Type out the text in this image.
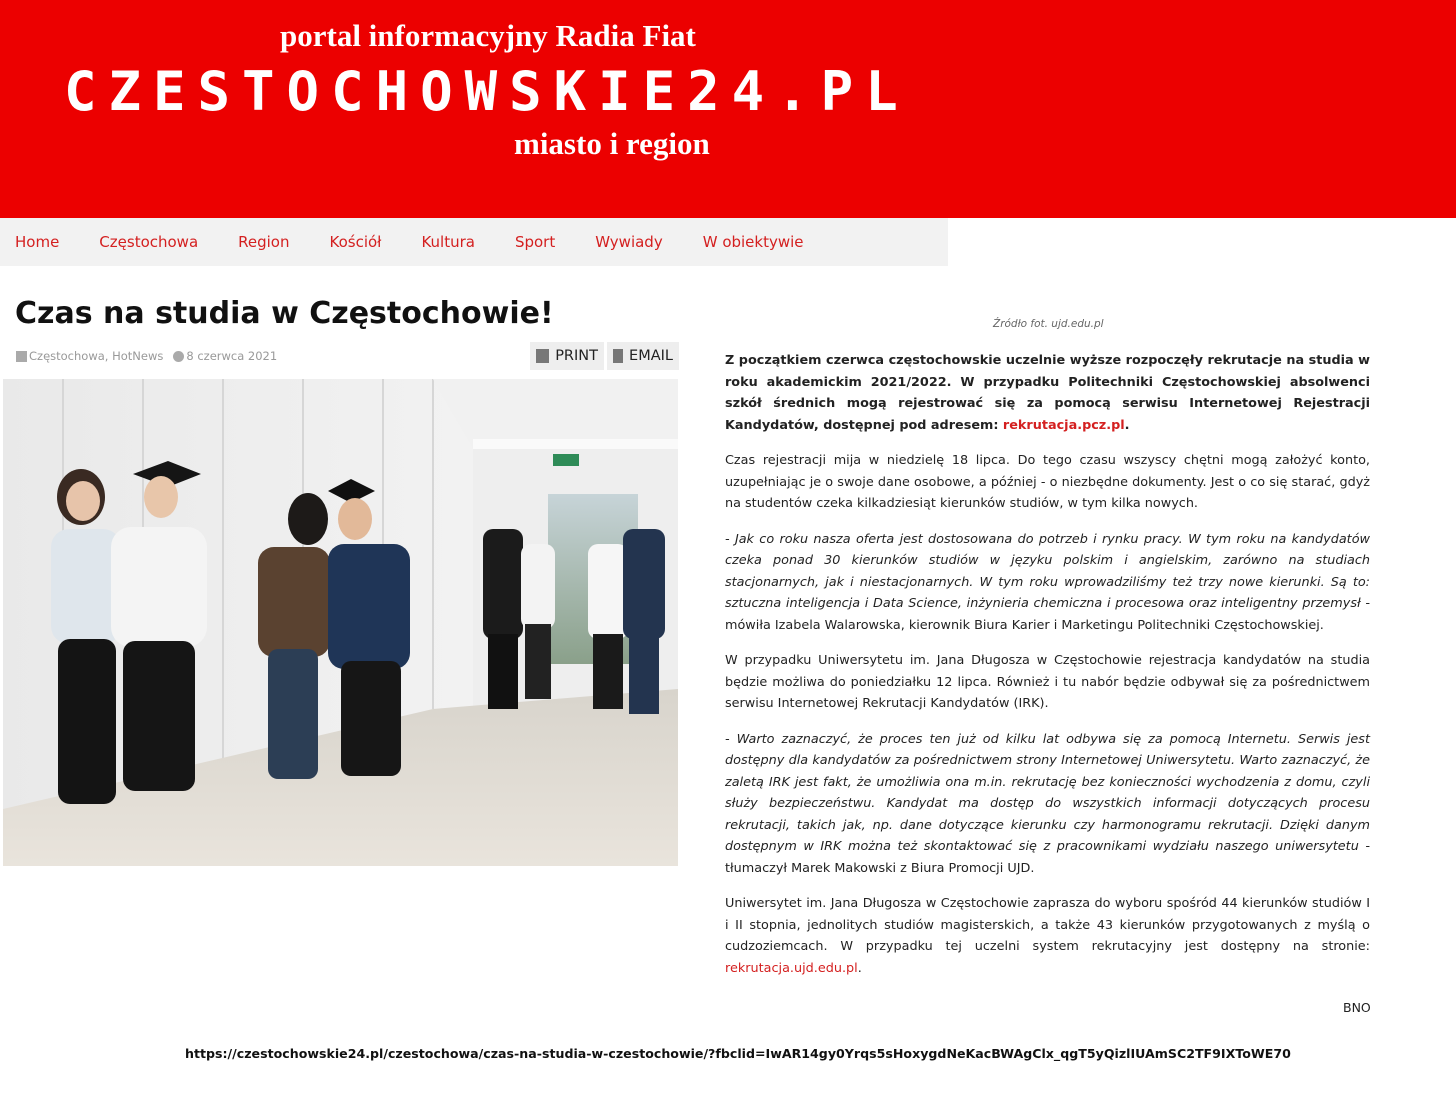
portal informacyjny Radia Fiat
CZESTOCHOWSKIE24.PL
miasto i region
Home	Częstochowa	Region	Kościół	Kultura	Sport	Wywiady	W obiektywie
Czas na studia w Częstochowie!
Częstochowa, HotNews 8 czerwca 2021	PRINT EMAIL
Źródło fot. ujd.edu.pl

Z początkiem czerwca częstochowskie uczelnie wyższe rozpoczęły rekrutacje na studia w roku akademickim 2021/2022. W przypadku Politechniki Częstochowskiej absolwenci szkół średnich mogą rejestrować się za pomocą serwisu Internetowej Rejestracji Kandydatów, dostępnej pod adresem: rekrutacja.pcz.pl.

Czas rejestracji mija w niedzielę 18 lipca. Do tego czasu wszyscy chętni mogą założyć konto, uzupełniając je o swoje dane osobowe, a później - o niezbędne dokumenty. Jest o co się starać, gdyż na studentów czeka kilkadziesiąt kierunków studiów, w tym kilka nowych.

- Jak co roku nasza oferta jest dostosowana do potrzeb i rynku pracy. W tym roku na kandydatów czeka ponad 30 kierunków studiów w języku polskim i angielskim, zarówno na studiach stacjonarnych, jak i niestacjonarnych. W tym roku wprowadziliśmy też trzy nowe kierunki. Są to: sztuczna inteligencja i Data Science, inżynieria chemiczna i procesowa oraz inteligentny przemysł - mówiła Izabela Walarowska, kierownik Biura Karier i Marketingu Politechniki Częstochowskiej.

W przypadku Uniwersytetu im. Jana Długosza w Częstochowie rejestracja kandydatów na studia będzie możliwa do poniedziałku 12 lipca. Również i tu nabór będzie odbywał się za pośrednictwem serwisu Internetowej Rekrutacji Kandydatów (IRK).

- Warto zaznaczyć, że proces ten już od kilku lat odbywa się za pomocą Internetu. Serwis jest dostępny dla kandydatów za pośrednictwem strony Internetowej Uniwersytetu. Warto zaznaczyć, że zaletą IRK jest fakt, że umożliwia ona m.in. rekrutację bez konieczności wychodzenia z domu, czyli służy bezpieczeństwu. Kandydat ma dostęp do wszystkich informacji dotyczących procesu rekrutacji, takich jak, np. dane dotyczące kierunku czy harmonogramu rekrutacji. Dzięki danym dostępnym w IRK można też skontaktować się z pracownikami wydziału naszego uniwersytetu - tłumaczył Marek Makowski z Biura Promocji UJD.

Uniwersytet im. Jana Długosza w Częstochowie zaprasza do wyboru spośród 44 kierunków studiów I i II stopnia, jednolitych studiów magisterskich, a także 43 kierunków przygotowanych z myślą o cudzoziemcach. W przypadku tej uczelni system rekrutacyjny jest dostępny na stronie: rekrutacja.ujd.edu.pl.

BNO
https://czestochowskie24.pl/czestochowa/czas-na-studia-w-czestochowie/?fbclid=IwAR14gy0Yrqs5sHoxygdNeKacBWAgClx_qgT5yQizlIUAmSC2TF9IXToWE70
